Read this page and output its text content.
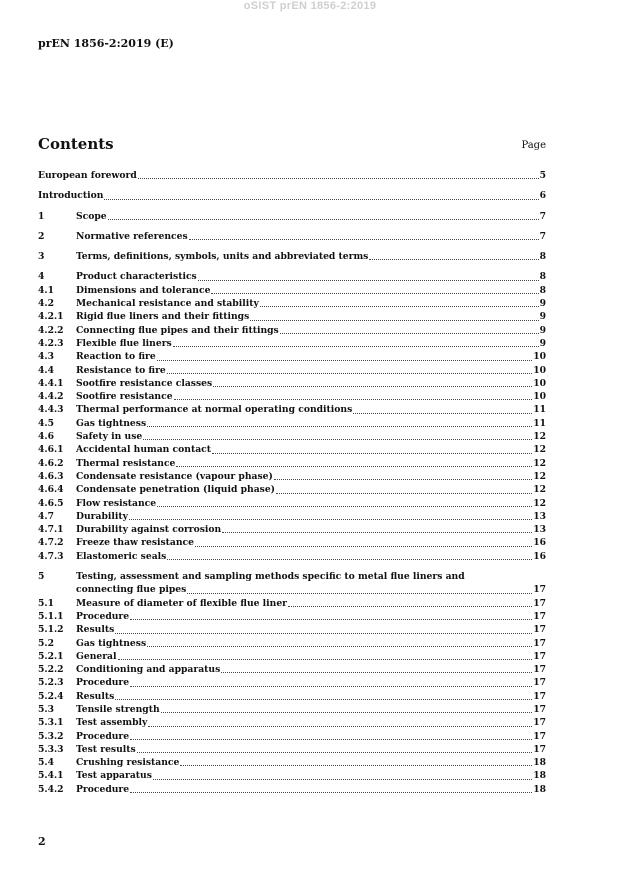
oSIST prEN 1856-2:2019
prEN 1856-2:2019 (E)
Contents	Page
European foreword	5
Introduction	6
1	Scope	7
2	Normative references	7
3	Terms, definitions, symbols, units and abbreviated terms	8
4	Product characteristics	8
4.1	Dimensions and tolerance	8
4.2	Mechanical resistance and stability	9
4.2.1	Rigid flue liners and their fittings	9
4.2.2	Connecting flue pipes and their fittings	9
4.2.3	Flexible flue liners	9
4.3	Reaction to fire	10
4.4	Resistance to fire	10
4.4.1	Sootfire resistance classes	10
4.4.2	Sootfire resistance	10
4.4.3	Thermal performance at normal operating conditions	11
4.5	Gas tightness	11
4.6	Safety in use	12
4.6.1	Accidental human contact	12
4.6.2	Thermal resistance	12
4.6.3	Condensate resistance (vapour phase)	12
4.6.4	Condensate penetration (liquid phase)	12
4.6.5	Flow resistance	12
4.7	Durability	13
4.7.1	Durability against corrosion	13
4.7.2	Freeze thaw resistance	16
4.7.3	Elastomeric seals	16
5	Testing, assessment and sampling methods specific to metal flue liners and
connecting flue pipes	17
5.1	Measure of diameter of flexible flue liner	17
5.1.1	Procedure	17
5.1.2	Results	17
5.2	Gas tightness	17
5.2.1	General	17
5.2.2	Conditioning and apparatus	17
5.2.3	Procedure	17
5.2.4	Results	17
5.3	Tensile strength	17
5.3.1	Test assembly	17
5.3.2	Procedure	17
5.3.3	Test results	17
5.4	Crushing resistance	18
5.4.1	Test apparatus	18
5.4.2	Procedure	18
2
